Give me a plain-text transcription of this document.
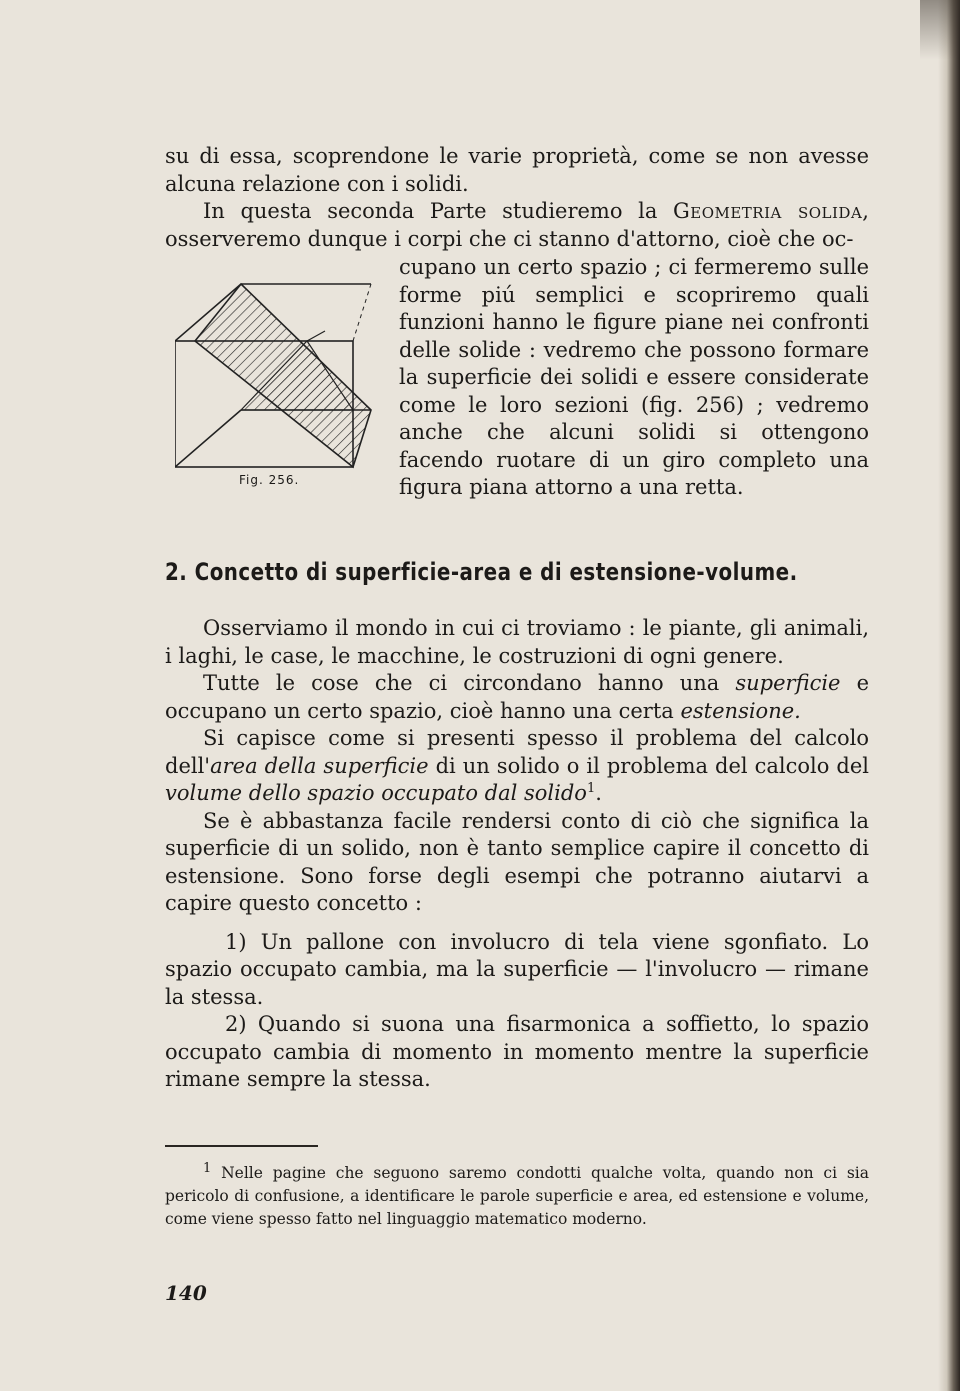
su di essa, scoprendone le varie proprietà, come se non avesse

alcuna relazione con i solidi.

In questa seconda Parte studieremo la Geometria solida, osserveremo dunque i corpi che ci stanno d'attorno, cioè che oc-

Fig. 256.

cupano un certo spazio ; ci fermeremo sulle forme piú semplici e scopriremo quali funzioni hanno le figure piane nei confronti delle solide : vedremo che possono formare la superficie dei solidi e essere considerate come le loro sezioni (fig. 256) ; vedremo anche che alcuni solidi si ottengono facendo ruotare di un giro completo una figura piana attorno a una retta.

2. Concetto di superficie-area e di estensione-volume.

Osserviamo il mondo in cui ci troviamo : le piante, gli animali, i laghi, le case, le macchine, le costruzioni di ogni genere.

Tutte le cose che ci circondano hanno una superficie e occupano un certo spazio, cioè hanno una certa estensione.

Si capisce come si presenti spesso il problema del calcolo dell'area della superficie di un solido o il problema del calcolo del volume dello spazio occupato dal solido$^1$.

Se è abbastanza facile rendersi conto di ciò che significa la superficie di un solido, non è tanto semplice capire il concetto di estensione. Sono forse degli esempi che potranno aiutarvi a capire questo concetto :

1) Un pallone con involucro di tela viene sgonfiato. Lo spazio occupato cambia, ma la superficie — l'involucro — rimane la stessa.

2) Quando si suona una fisarmonica a soffietto, lo spazio occupato cambia di momento in momento mentre la superficie rimane sempre la stessa.

$^1$ Nelle pagine che seguono saremo condotti qualche volta, quando non ci sia pericolo di confusione, a identificare le parole superficie e area, ed estensione e volume, come viene spesso fatto nel linguaggio matematico moderno.

140
